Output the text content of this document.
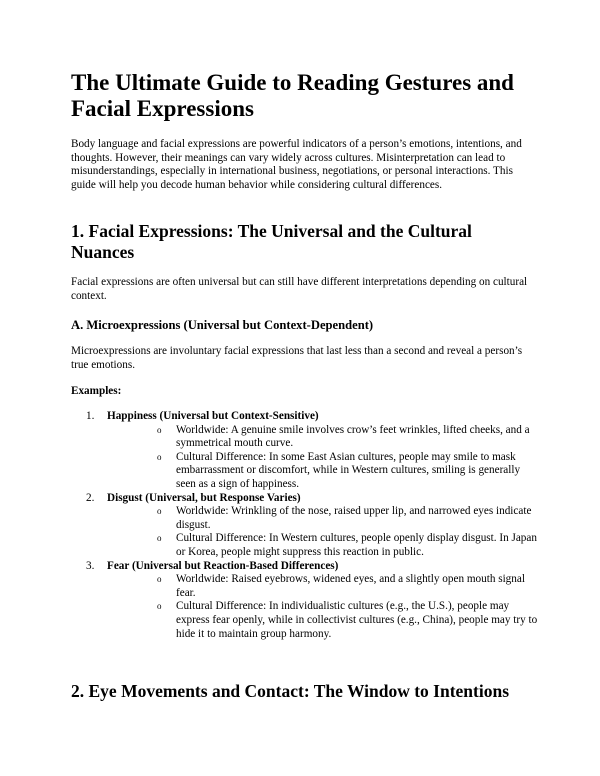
The Ultimate Guide to Reading Gestures and Facial Expressions

Body language and facial expressions are powerful indicators of a person’s emotions, intentions, and thoughts. However, their meanings can vary widely across cultures. Misinterpretation can lead to misunderstandings, especially in international business, negotiations, or personal interactions. This guide will help you decode human behavior while considering cultural differences.

1. Facial Expressions: The Universal and the Cultural Nuances

Facial expressions are often universal but can still have different interpretations depending on cultural context.

A. Microexpressions (Universal but Context-Dependent)

Microexpressions are involuntary facial expressions that last less than a second and reveal a person’s true emotions.

Examples:

1. Happiness (Universal but Context-Sensitive)
o Worldwide: A genuine smile involves crow’s feet wrinkles, lifted cheeks, and a symmetrical mouth curve.
o Cultural Difference: In some East Asian cultures, people may smile to mask embarrassment or discomfort, while in Western cultures, smiling is generally seen as a sign of happiness.
2. Disgust (Universal, but Response Varies)
o Worldwide: Wrinkling of the nose, raised upper lip, and narrowed eyes indicate disgust.
o Cultural Difference: In Western cultures, people openly display disgust. In Japan or Korea, people might suppress this reaction in public.
3. Fear (Universal but Reaction-Based Differences)
o Worldwide: Raised eyebrows, widened eyes, and a slightly open mouth signal fear.
o Cultural Difference: In individualistic cultures (e.g., the U.S.), people may express fear openly, while in collectivist cultures (e.g., China), people may try to hide it to maintain group harmony.
2. Eye Movements and Contact: The Window to Intentions
